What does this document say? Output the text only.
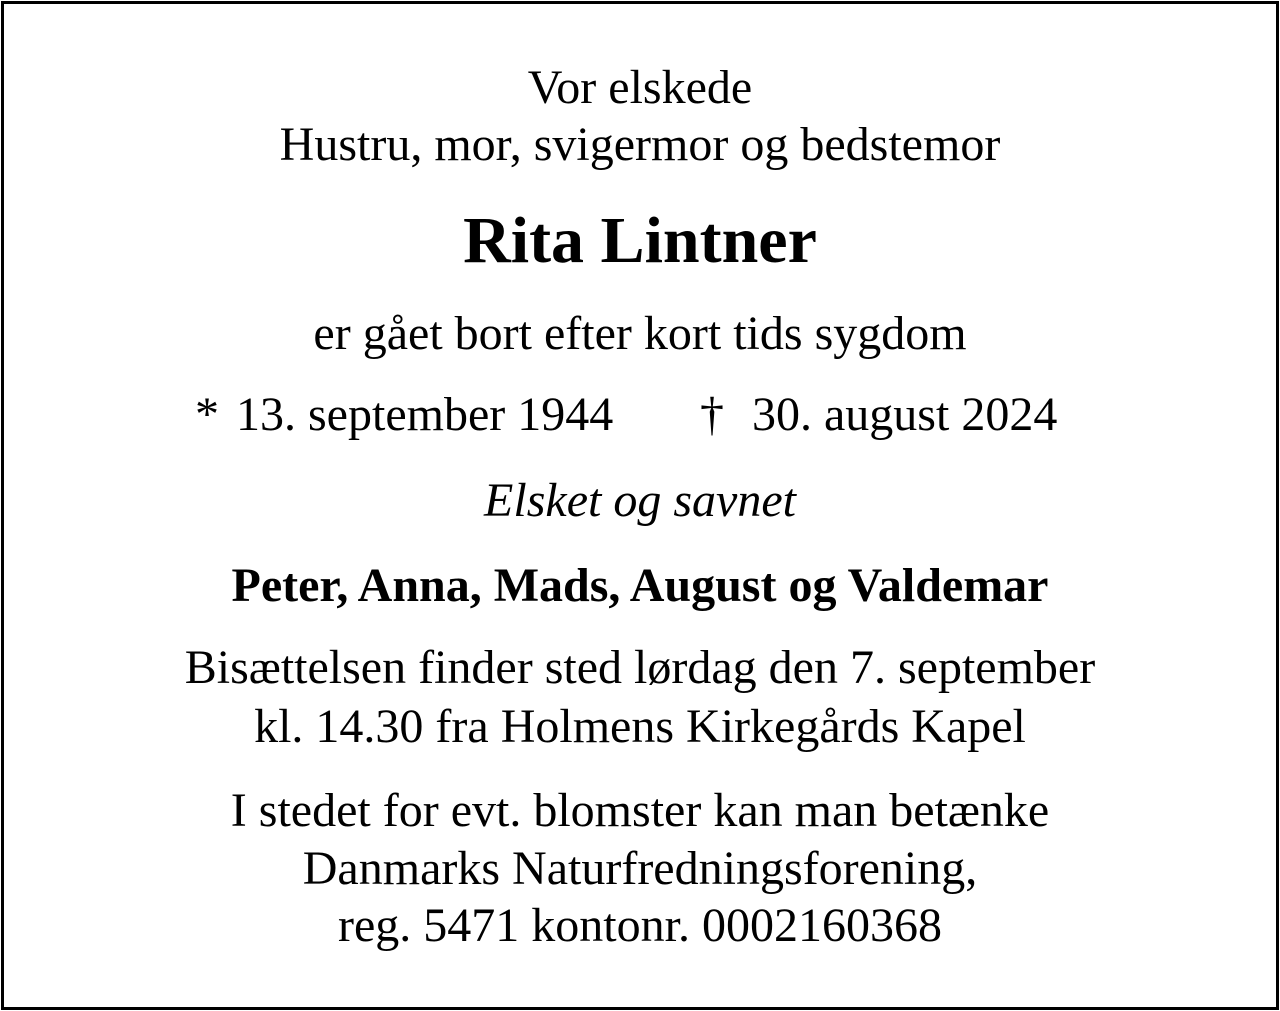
Vor elskede
Hustru, mor, svigermor og bedstemor
Rita Lintner
er gået bort efter kort tids sygdom
* 13. september 1944 † 30. august 2024
Elsket og savnet
Peter, Anna, Mads, August og Valdemar
Bisættelsen finder sted lørdag den 7. september
kl. 14.30 fra Holmens Kirkegårds Kapel
I stedet for evt. blomster kan man betænke
Danmarks Naturfredningsforening,
reg. 5471 kontonr. 0002160368
